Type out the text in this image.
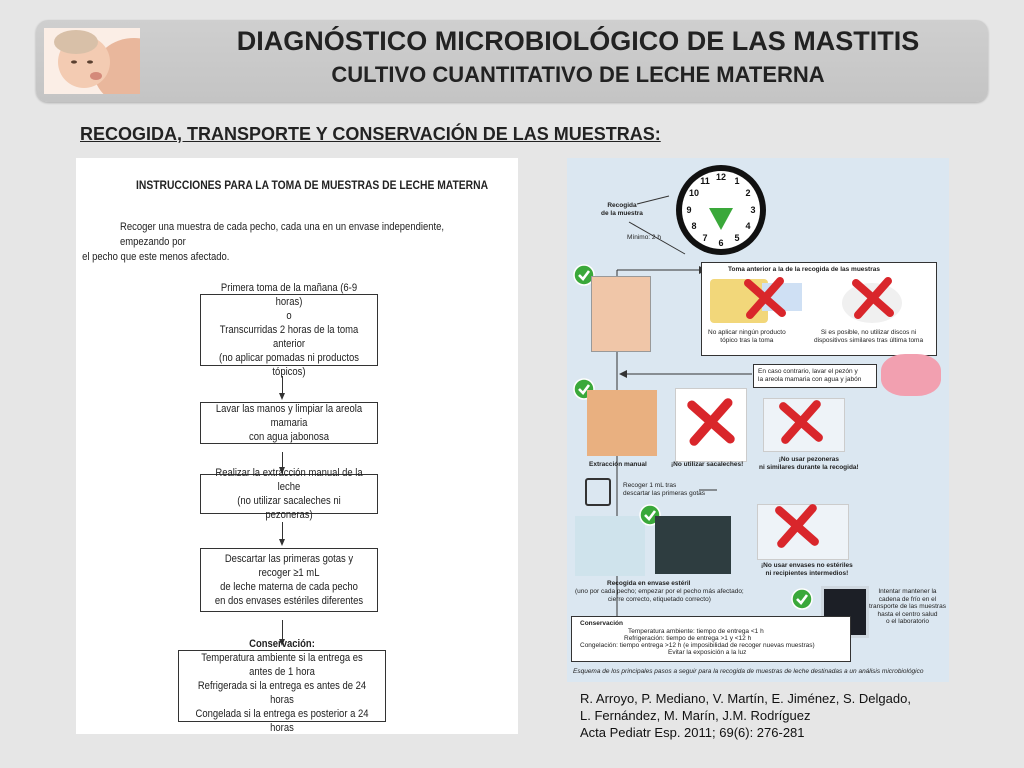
DIAGNÓSTICO MICROBIOLÓGICO DE LAS MASTITIS
CULTIVO CUANTITATIVO DE LECHE MATERNA
RECOGIDA, TRANSPORTE Y CONSERVACIÓN DE LAS MUESTRAS:
INSTRUCCIONES PARA LA TOMA DE MUESTRAS DE LECHE MATERNA
Recoger una muestra de cada pecho, cada una en un envase independiente, empezando por
el pecho que este menos afectado.
Primera toma de la mañana (6-9 horas)
o
Transcurridas 2 horas de la toma anterior
(no aplicar pomadas ni productos tópicos)
Lavar las manos y limpiar la areola mamaria
con agua jabonosa
Realizar la extracción manual de la leche
(no utilizar sacaleches ni pezoneras)
Descartar las primeras gotas y recoger ≥1 mL
de leche materna de cada pecho
en dos envases estériles diferentes
Conservación:
Temperatura ambiente si la entrega es antes de 1 hora
Refrigerada si la entrega es antes de 24 horas
Congelada si la entrega es posterior a 24 horas
12 1
2
3
4
5
6
7
8
9
10
11
Recogida
de la muestra
Mínimo: 2 h
Toma anterior a la de la recogida de las muestras
No aplicar ningún producto
tópico tras la toma
Si es posible, no utilizar discos ni
dispositivos similares tras última toma
En caso contrario, lavar el pezón y
la areola mamaria con agua y jabón
Extracción manual	¡No utilizar sacaleches!
¡No usar pezoneras
ni similares durante la recogida!
Recoger 1 mL tras
descartar las primeras gotas
Recogida en envase estéril
(uno por cada pecho; empezar por el pecho más afectado;
cierre correcto, etiquetado correcto)
¡No usar envases no estériles
ni recipientes intermedios!
Intentar mantener la
cadena de frío en el
transporte de las muestras
hasta el centro salud
o el laboratorio
Conservación
Temperatura ambiente: tiempo de entrega <1 h
Refrigeración: tiempo de entrega >1 y <12 h
Congelación: tiempo entrega >12 h (e imposibilidad de recoger nuevas muestras)
Evitar la exposición a la luz
Esquema de los principales pasos a seguir para la recogida de muestras de leche destinadas a un análisis microbiológico
R. Arroyo, P. Mediano, V. Martín, E. Jiménez, S. Delgado,
L. Fernández, M. Marín, J.M. Rodríguez
Acta Pediatr Esp. 2011; 69(6): 276-281
